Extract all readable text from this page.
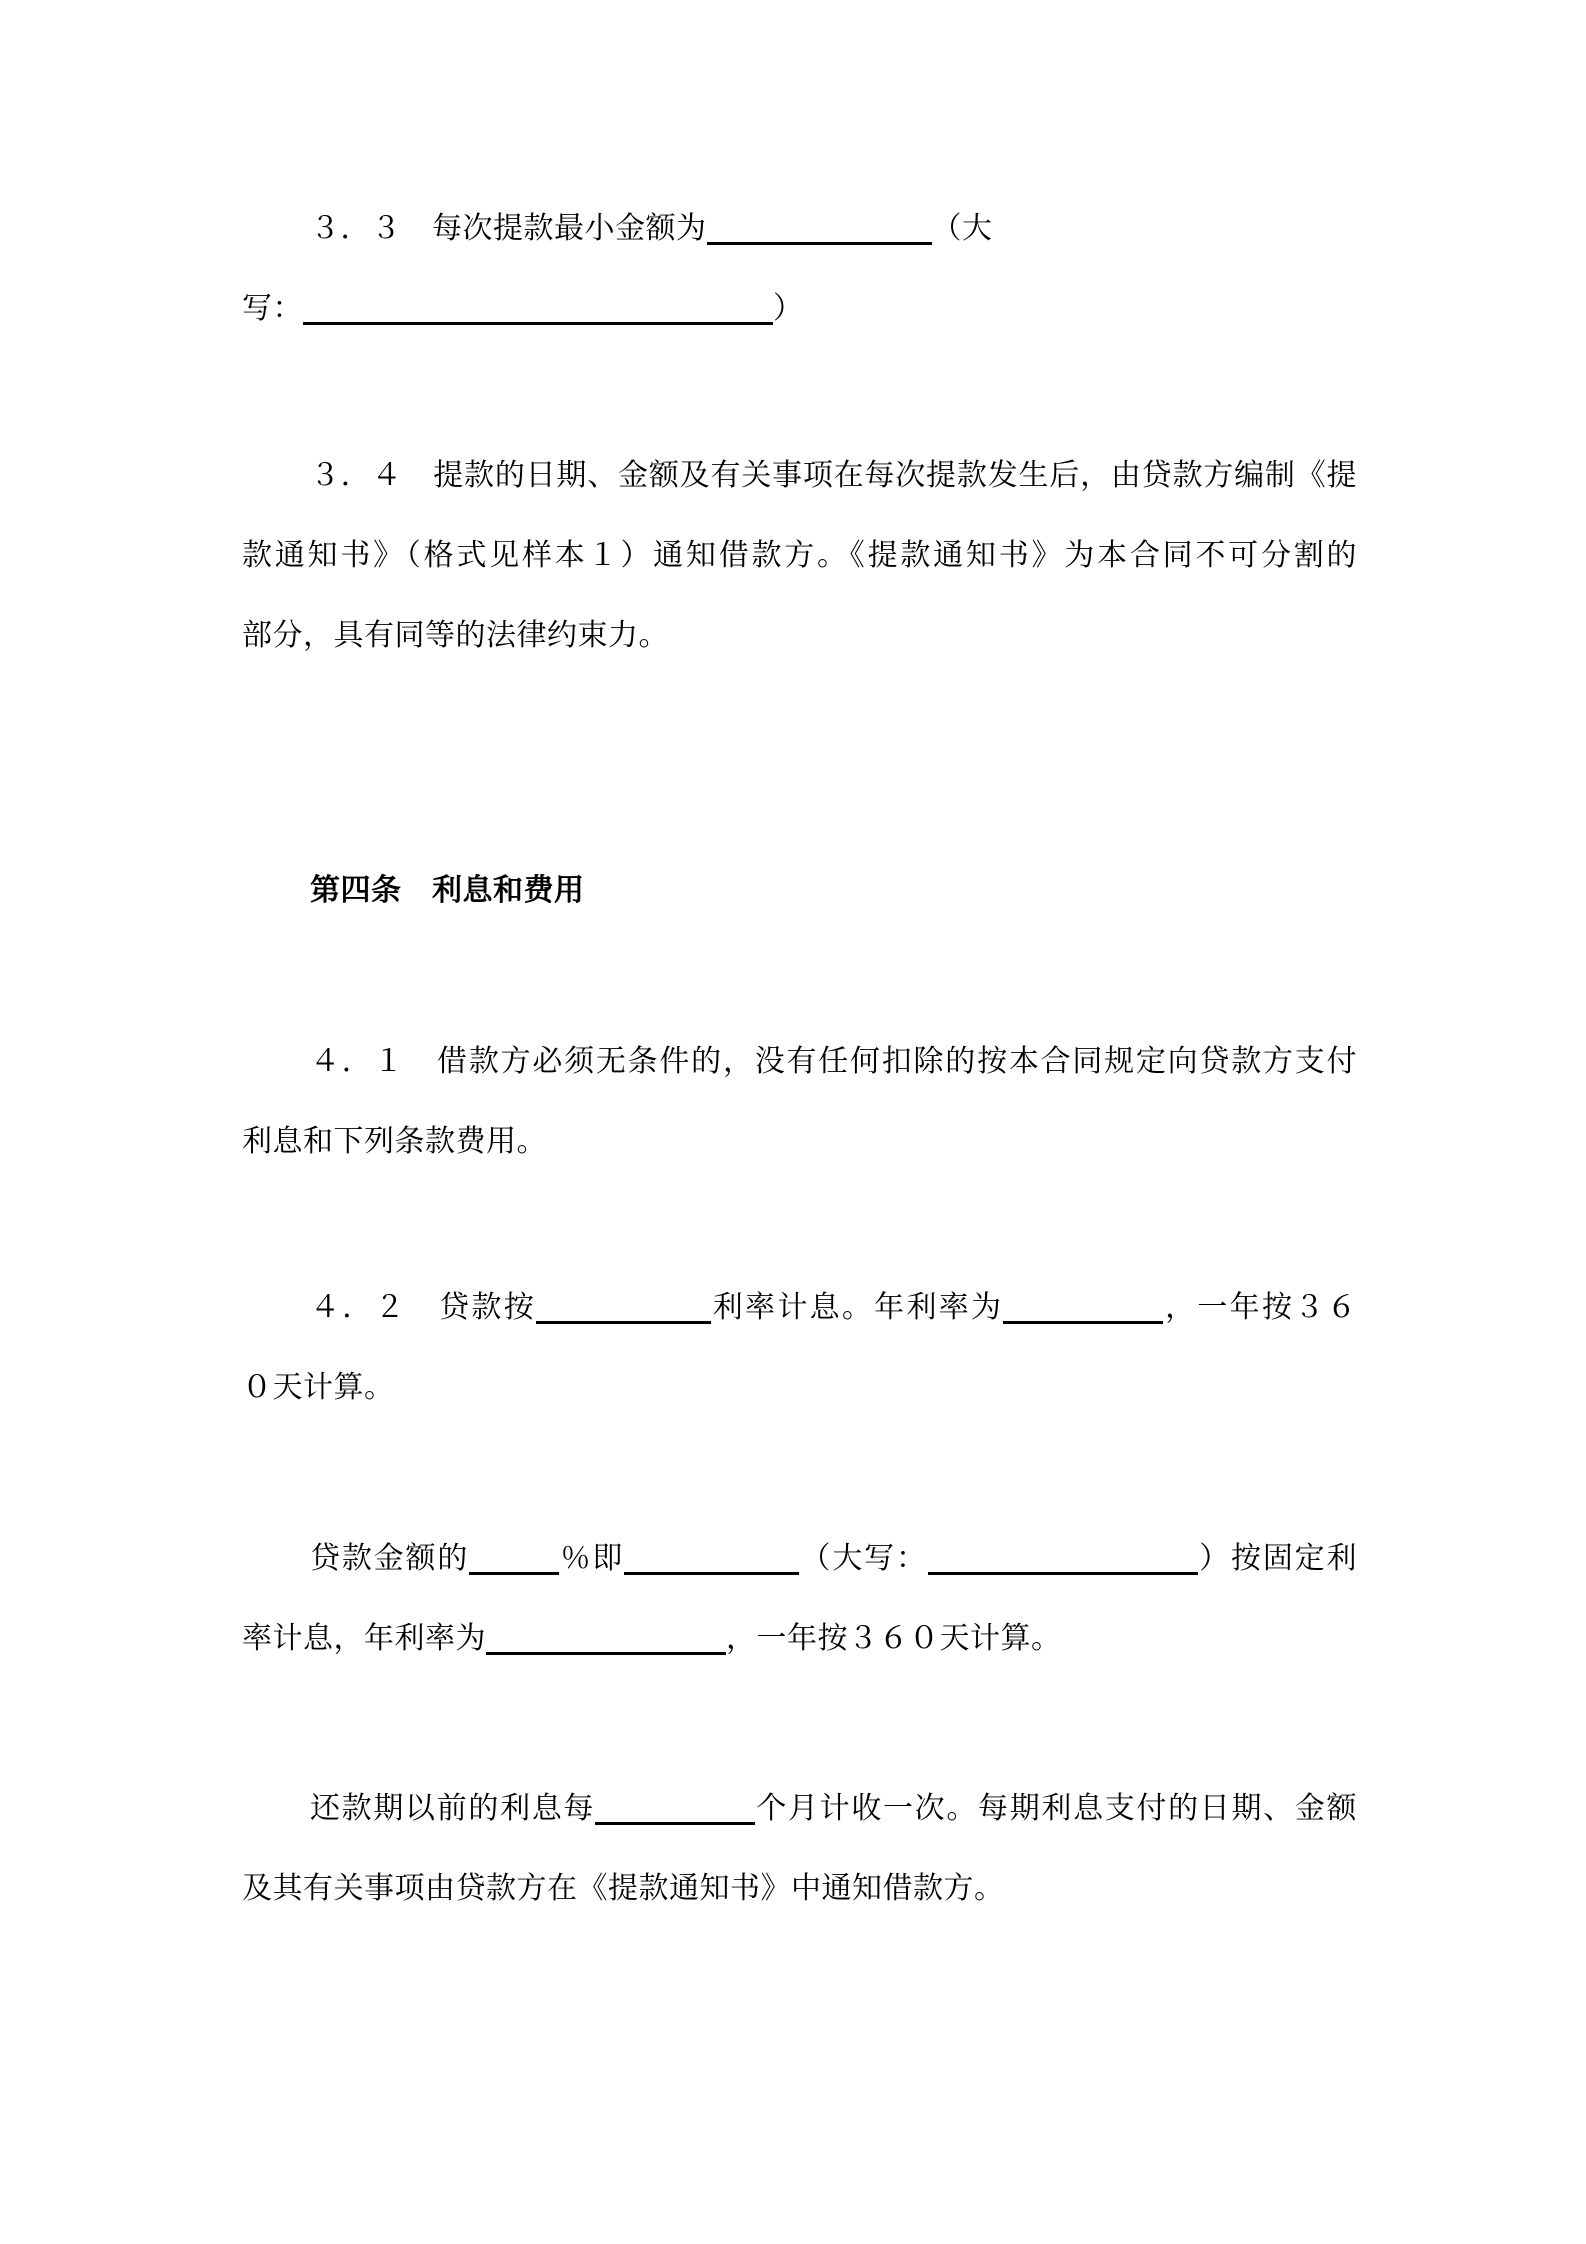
３．３　每次提款最小金额为	（大
写：	）
３．４　提款的日期、金额及有关事项在每次提款发生后，由贷款方编制《提
款通知书》（格式见样本１）通知借款方。《提款通知书》为本合同不可分割的
部分，具有同等的法律约束力。
第四条　利息和费用
４．１　借款方必须无条件的，没有任何扣除的按本合同规定向贷款方支付
利息和下列条款费用。
４．２　贷款按	利率计息。年利率为	，一年按３６
０天计算。
贷款金额的	％即	（大写：	）按固定利
率计息，年利率为	，一年按３６０天计算。
还款期以前的利息每	个月计收一次。每期利息支付的日期、金额
及其有关事项由贷款方在《提款通知书》中通知借款方。
